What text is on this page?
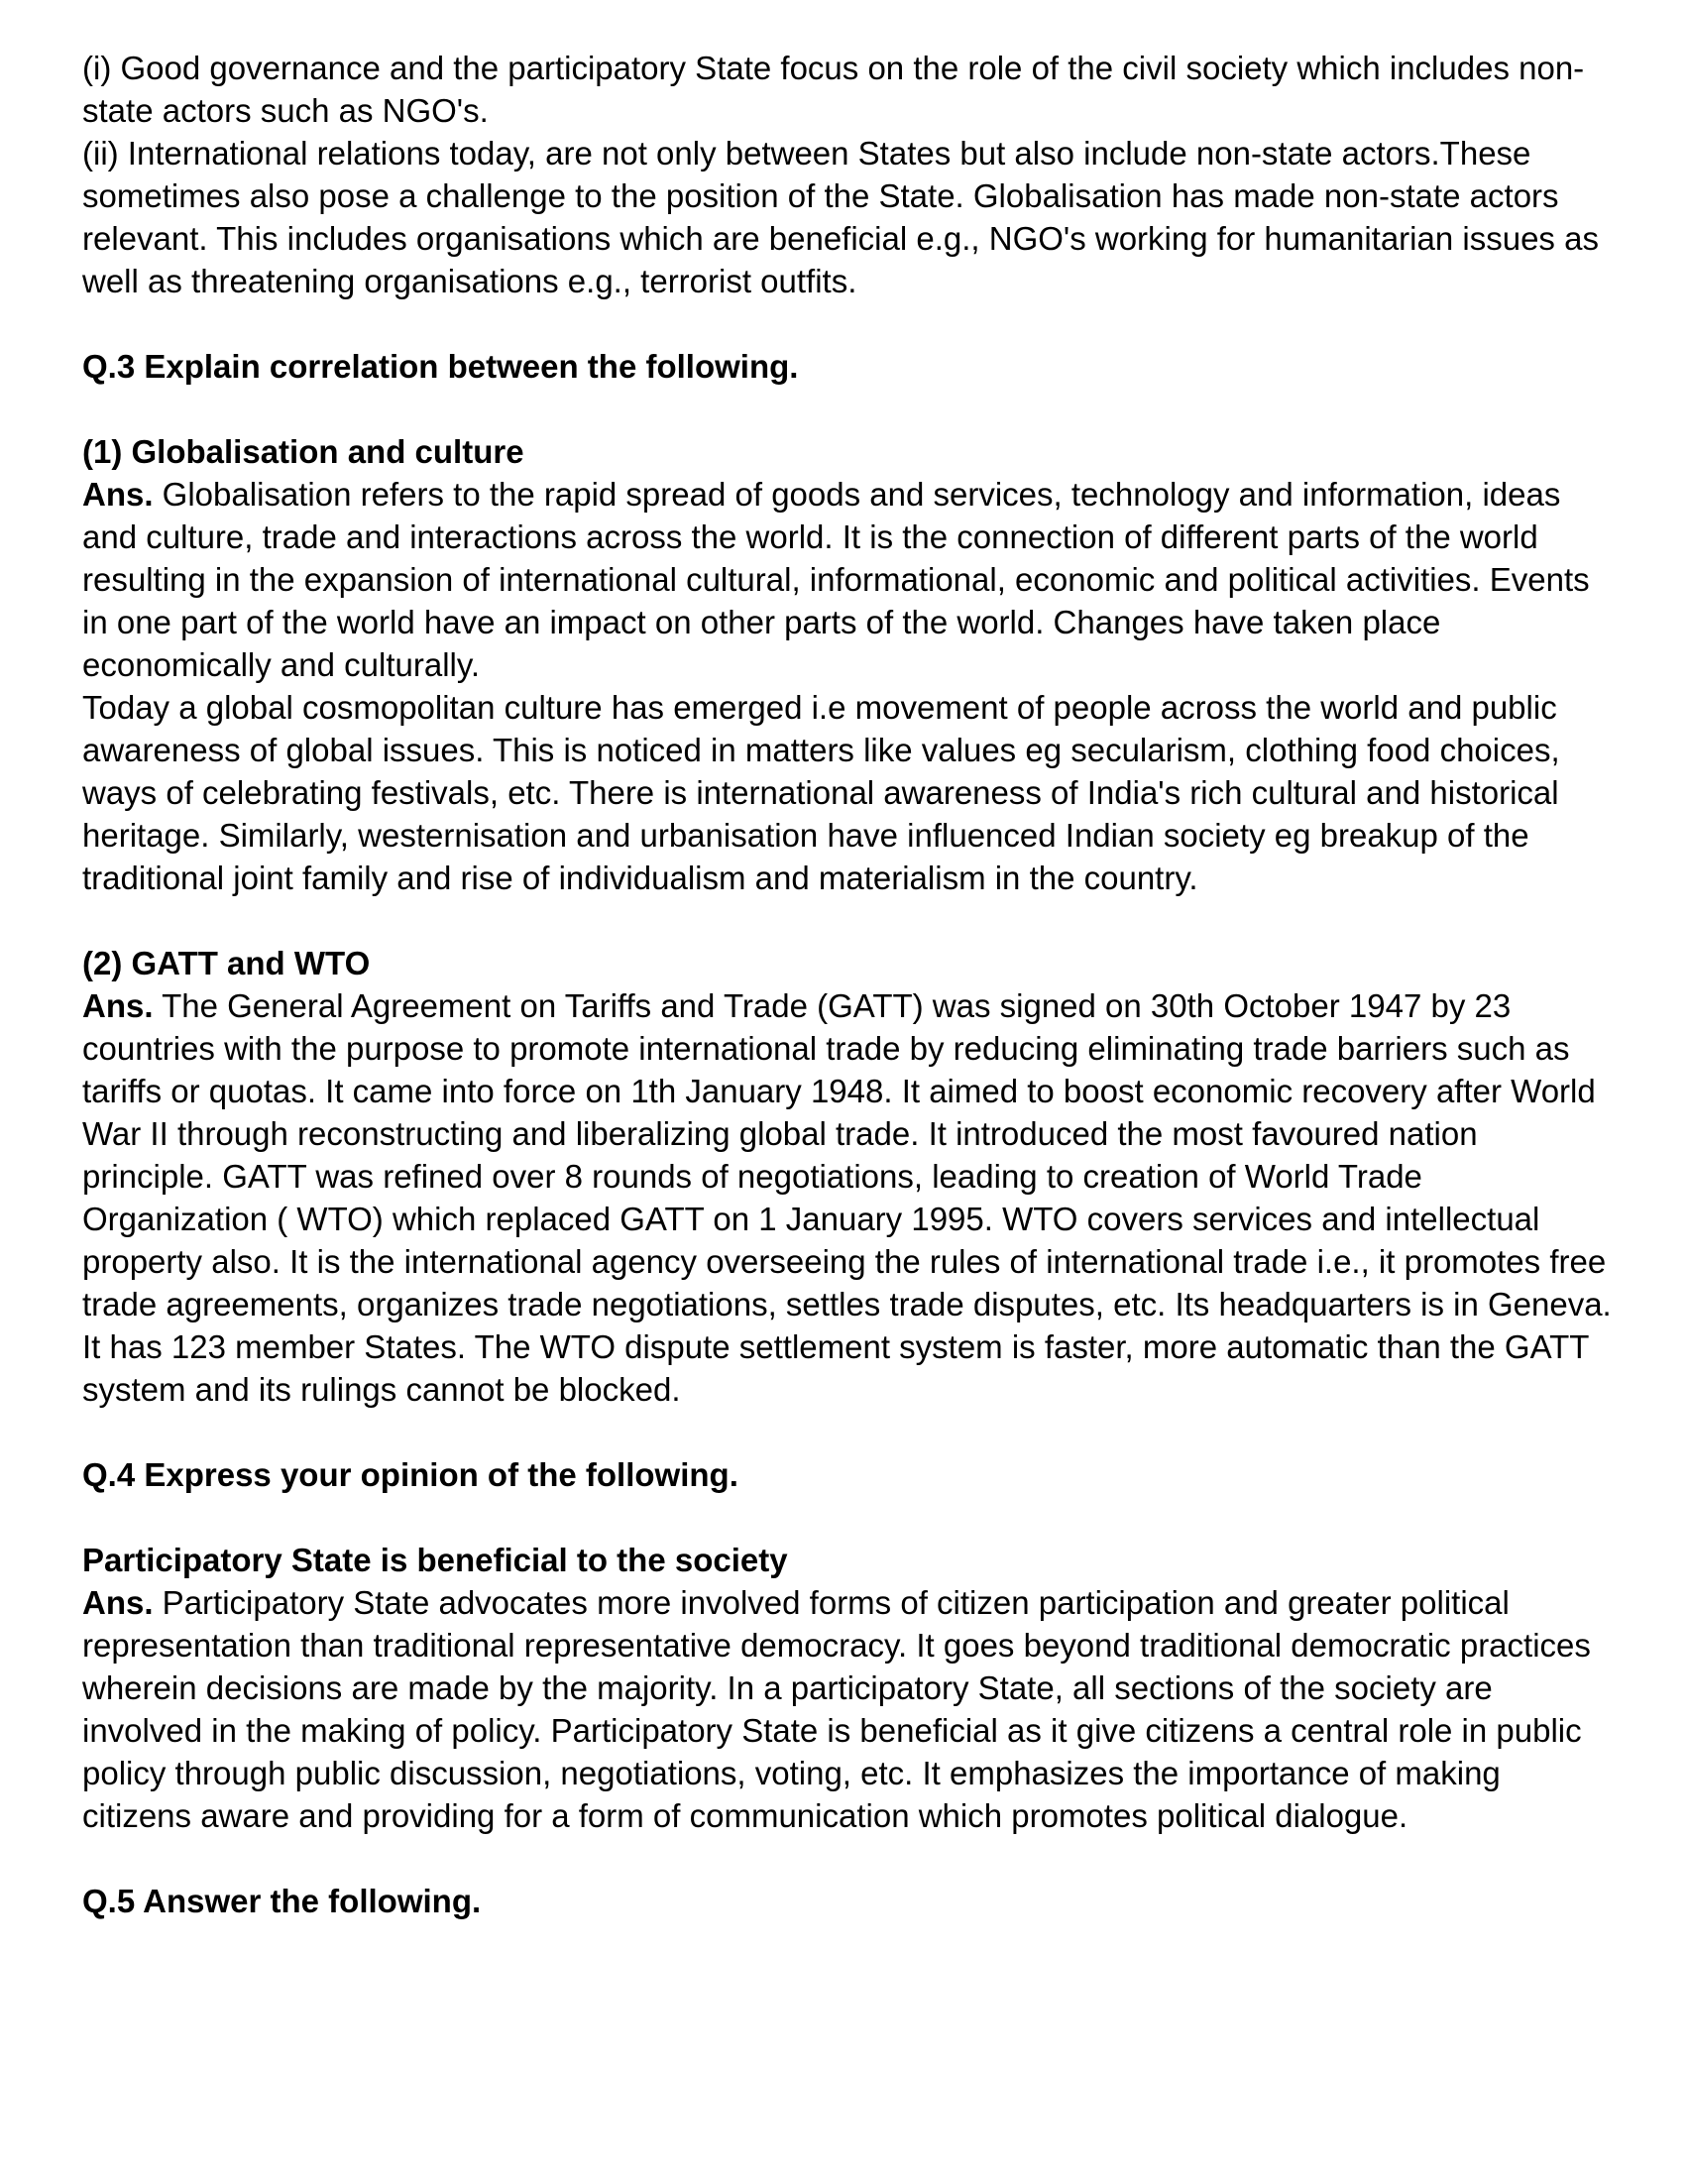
(i) Good governance and the participatory State focus on the role of the civil society which includes non-state actors such as NGO's.

(ii) International relations today, are not only between States but also include non-state actors.These sometimes also pose a challenge to the position of the State. Globalisation has made non-state actors relevant. This includes organisations which are beneficial e.g., NGO's working for humanitarian issues as well as threatening organisations e.g., terrorist outfits.

Q.3 Explain correlation between the following.

(1) Globalisation and culture

Ans. Globalisation refers to the rapid spread of goods and services, technology and information, ideas and culture, trade and interactions across the world. It is the connection of different parts of the world resulting in the expansion of international cultural, informational, economic and political activities. Events in one part of the world have an impact on other parts of the world. Changes have taken place economically and culturally.

Today a global cosmopolitan culture has emerged i.e movement of people across the world and public awareness of global issues. This is noticed in matters like values eg secularism, clothing food choices, ways of celebrating festivals, etc. There is international awareness of India's rich cultural and historical heritage. Similarly, westernisation and urbanisation have influenced Indian society eg breakup of the traditional joint family and rise of individualism and materialism in the country.

(2) GATT and WTO

Ans. The General Agreement on Tariffs and Trade (GATT) was signed on 30th October 1947 by 23 countries with the purpose to promote international trade by reducing eliminating trade barriers such as tariffs or quotas. It came into force on 1th January 1948. It aimed to boost economic recovery after World War II through reconstructing and liberalizing global trade. It introduced the most favoured nation principle. GATT was refined over 8 rounds of negotiations, leading to creation of World Trade Organization ( WTO) which replaced GATT on 1 January 1995. WTO covers services and intellectual property also. It is the international agency overseeing the rules of international trade i.e., it promotes free trade agreements, organizes trade negotiations, settles trade disputes, etc. Its headquarters is in Geneva. It has 123 member States. The WTO dispute settlement system is faster, more automatic than the GATT system and its rulings cannot be blocked.

Q.4 Express your opinion of the following.

Participatory State is beneficial to the society

Ans. Participatory State advocates more involved forms of citizen participation and greater political representation than traditional representative democracy. It goes beyond traditional democratic practices wherein decisions are made by the majority. In a participatory State, all sections of the society are involved in the making of policy. Participatory State is beneficial as it give citizens a central role in public policy through public discussion, negotiations, voting, etc. It emphasizes the importance of making citizens aware and providing for a form of communication which promotes political dialogue.

Q.5 Answer the following.
